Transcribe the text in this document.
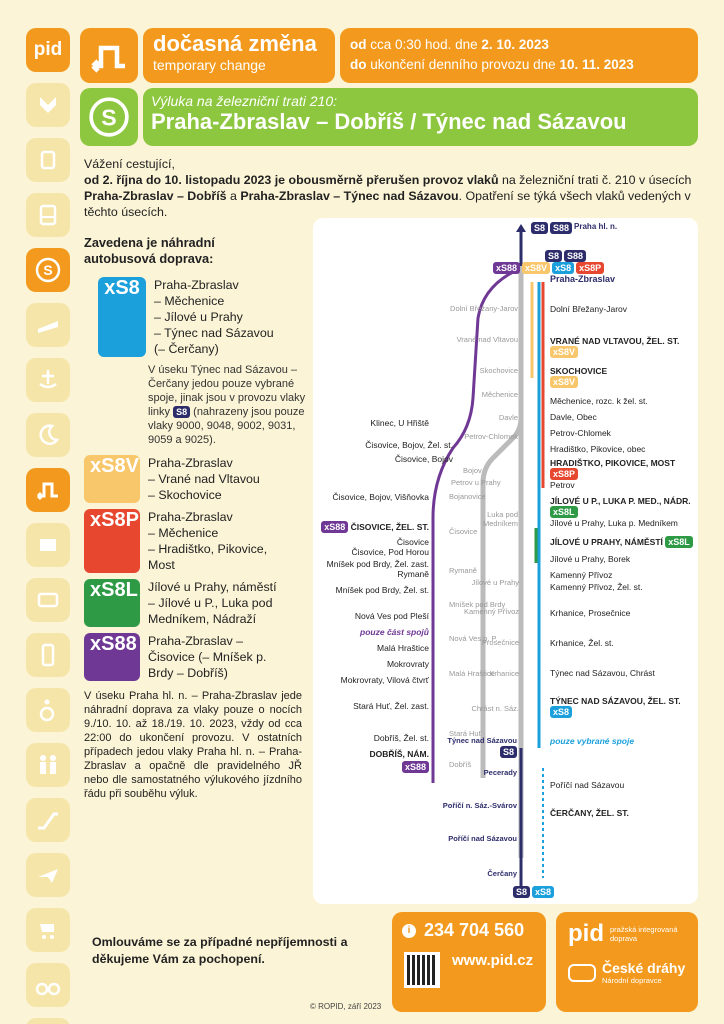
pid
S
dočasná změna
temporary change
od cca 0:30 hod. dne 2. 10. 2023
do ukončení denního provozu dne 10. 11. 2023
S
Výluka na železniční trati 210:
Praha-Zbraslav – Dobříš / Týnec nad Sázavou
Vážení cestující,
od 2. října do 10. listopadu 2023 je obousměrně přerušen provoz vlaků na železniční trati č. 210 v úsecích Praha-Zbraslav – Dobříš a Praha-Zbraslav – Týnec nad Sázavou. Opatření se týká všech vlaků vedených v těchto úsecích.
Zavedena je náhradní autobusová doprava:
xS8	Praha-Zbraslav
– Měchenice
– Jílové u Prahy
– Týnec nad Sázavou
(– Čerčany)
V úseku Týnec nad Sázavou – Čerčany jedou pouze vybrané spoje, jinak jsou v provozu vlaky linky S8 (nahrazeny jsou pouze vlaky 9000, 9048, 9002, 9031, 9059 a 9025).
xS8V Praha-Zbraslav
– Vrané nad Vltavou
– Skochovice
xS8P Praha-Zbraslav
– Měchenice
– Hradištko, Pikovice,
Most
xS8L Jílové u Prahy, náměstí
– Jílové u P., Luka pod
Medníkem, Nádraží
xS88 Praha-Zbraslav –
Čisovice (– Mníšek p.
Brdy – Dobříš)
V úseku Praha hl. n. – Praha-Zbraslav jede náhradní doprava za vlaky pouze o nocích 9./10. 10. až 18./19. 10. 2023, vždy od cca 22:00 do ukončení provozu. V ostatních případech jedou vlaky Praha hl. n. – Praha-Zbraslav a opačně dle pravidelného JŘ nebo dle samostatného výlukového jízdního řádu při souběhu výluk.
Omlouváme se za případné nepříjemnosti a děkujeme Vám za pochopení.
S8 S88 Praha hl. n.
S8 S88
xS88 xS8V xS8 xS8P
Praha-Zbraslav
Dolní Břežany-Jarov
Vrané nad Vltavou
Skochovice
Měchenice
Davle
Petrov-Chlomek
Petrov u Prahy
Bojov
Bojanovice
Čisovice
Rymaně
Mníšek pod Brdy
Nová Ves p. P.
Malá Hraštice
Stará Huť
Dobříš
Luka pod Medníkem
Jílové u Prahy
Kamenný Přívoz
Prosečnice
Krhanice
Chrást n. Sáz.
Klinec, U Hřiště
Čisovice, Bojov, Žel. st.
Čisovice, Bojov
Čisovice, Bojov, Višňovka
xS88 ČISOVICE, ŽEL. ST.
Čisovice
Čisovice, Pod Horou
Mníšek pod Brdy, Žel. zast. Rymaně
Mníšek pod Brdy, Žel. st.
Nová Ves pod Pleší
pouze část spojů
Malá Hraštice
Mokrovraty
Mokrovraty, Vilová čtvrť
Stará Huť, Žel. zast.
Dobříš, Žel. st.
DOBŘÍŠ, NÁM.
xS88
Dolní Břežany-Jarov
VRANÉ NAD VLTAVOU, ŽEL. ST.
xS8V
SKOCHOVICE
xS8V
Měchenice, rozc. k žel. st.
Davle, Obec
Petrov-Chlomek
Hradištko, Pikovice, obec
HRADIŠTKO, PIKOVICE, MOST
xS8P
Petrov
JÍLOVÉ U P., LUKA P. MED., NÁDR.
xS8L
Jílové u Prahy, Luka p. Medníkem
JÍLOVÉ U PRAHY, NÁMĚSTÍ xS8L
Jílové u Prahy, Borek
Kamenný Přívoz
Kamenný Přívoz, Žel. st.
Krhanice, Prosečnice
Krhanice, Žel. st.
Týnec nad Sázavou, Chrást
TÝNEC NAD SÁZAVOU, ŽEL. ST.
xS8
pouze vybrané spoje
Poříčí nad Sázavou
ČERČANY, ŽEL. ST.
Týnec nad Sázavou
S8
Pecerady
Poříčí n. Sáz.-Svárov
Poříčí nad Sázavou
Čerčany
S8 xS8
i 234 704 560
www.pid.cz
pid pražská integrovaná doprava
České dráhy
Národní dopravce
© ROPID, září 2023
